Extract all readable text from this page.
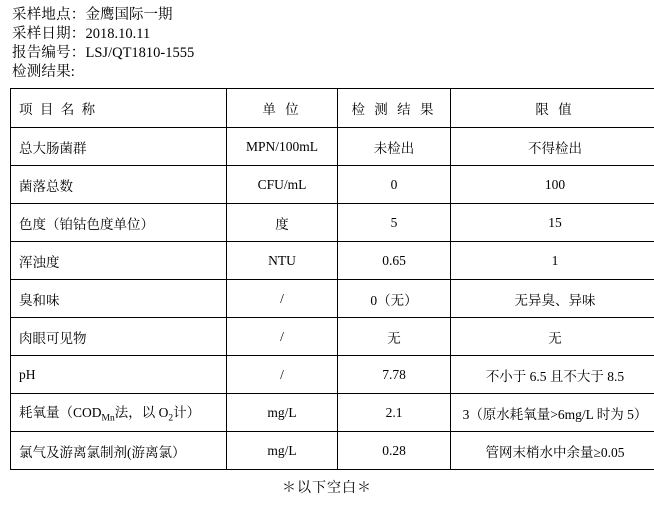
采样地点：金鹰国际一期
采样日期：2018.10.11
报告编号：LSJ/QT1810-1555
检测结果:
项 目 名 称	单 位	检 测 结 果	限 值
总大肠菌群	MPN/100mL	未检出	不得检出
菌落总数	CFU/mL	0	100
色度（铂钴色度单位）	度	5	15
浑浊度	NTU	0.65	1
臭和味	/	0（无）	无异臭、异味
肉眼可见物	/	无	无
pH	/	7.78	不小于 6.5 且不大于 8.5
耗氧量（$COD_{Mn}$法，以 $O_2$计）	mg/L	2.1	3（原水耗氧量>6mg/L 时为 5）
氯气及游离氯制剂(游离氯）	mg/L	0.28	管网末梢水中余量≥0.05
＊以下空白＊
